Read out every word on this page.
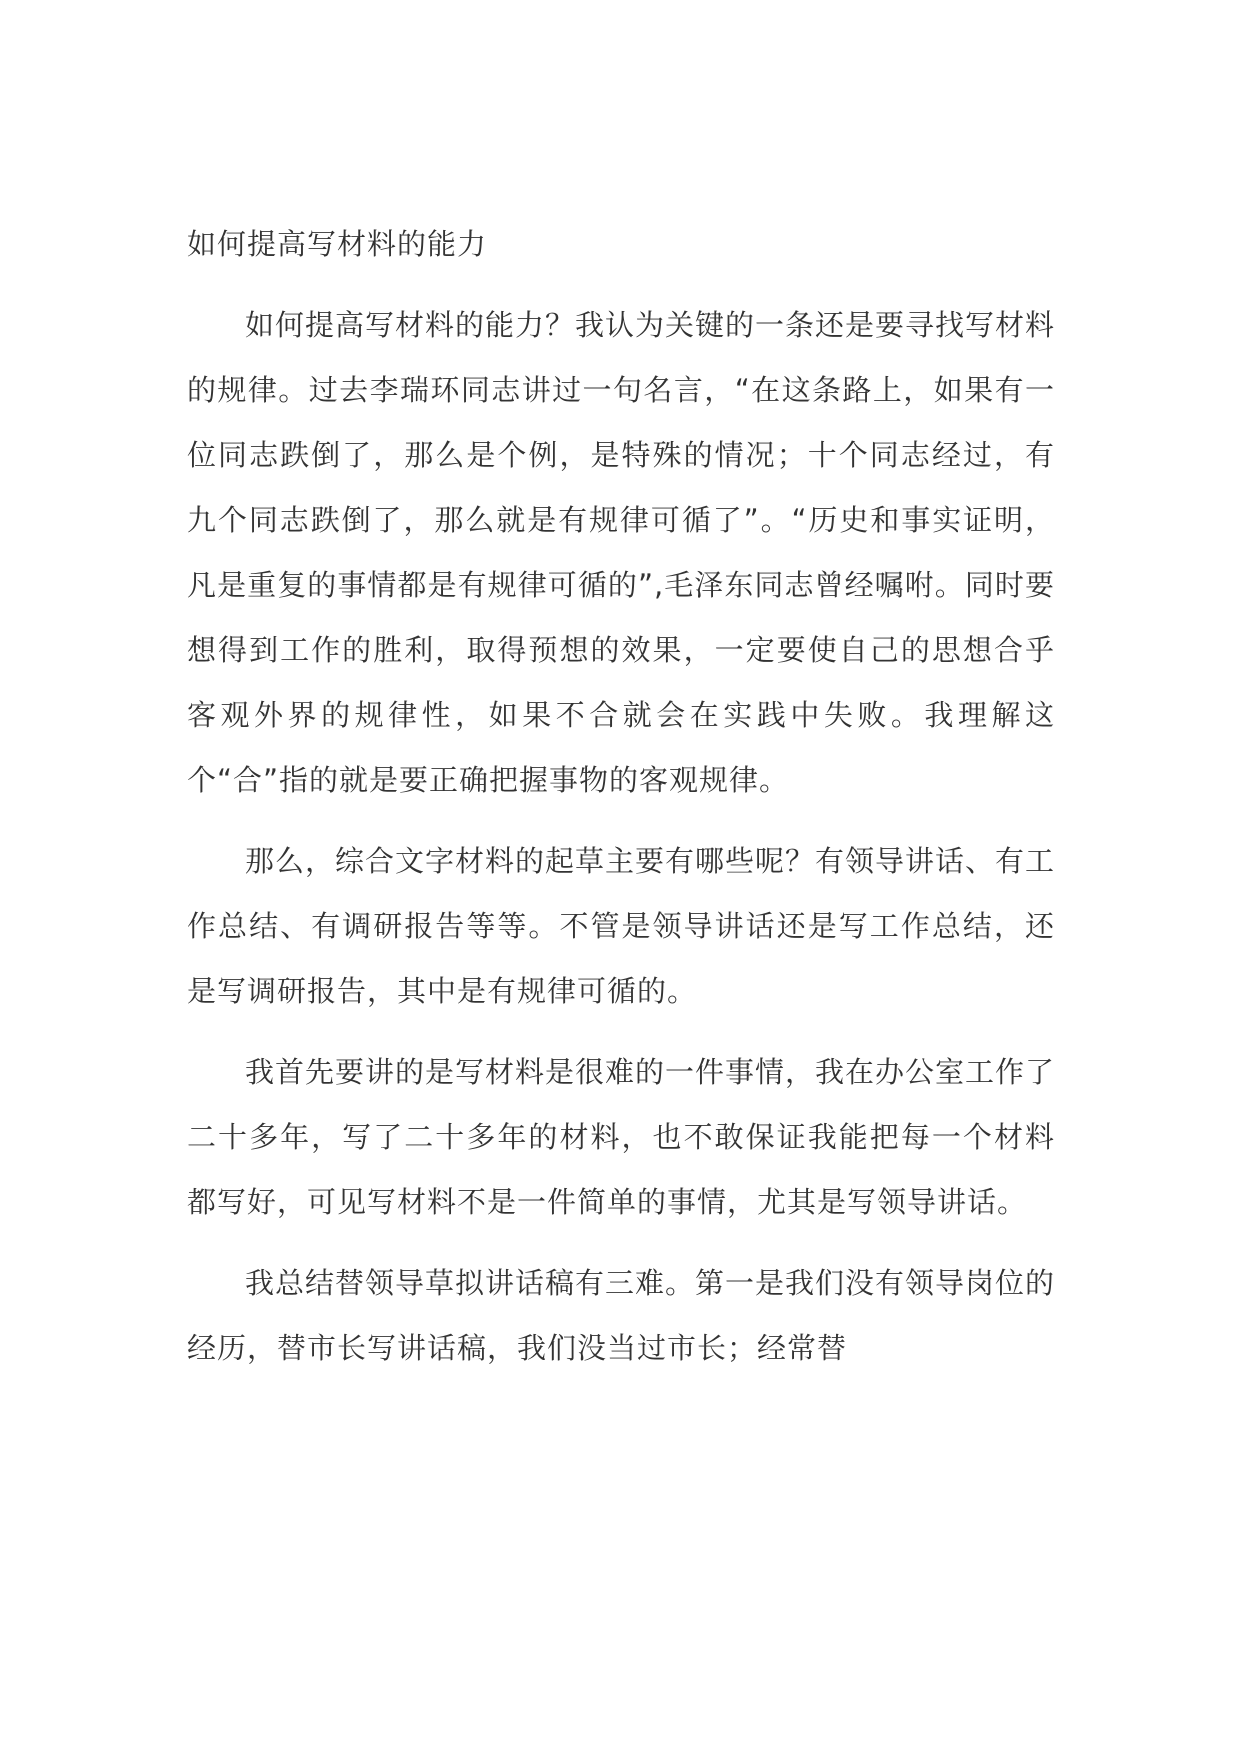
如何提高写材料的能力

如何提高写材料的能力？我认为关键的一条还是要寻找写材料的规律。过去李瑞环同志讲过一句名言，“在这条路上，如果有一位同志跌倒了，那么是个例，是特殊的情况；十个同志经过，有九个同志跌倒了，那么就是有规律可循了”。“历史和事实证明，凡是重复的事情都是有规律可循的”,毛泽东同志曾经嘱咐。同时要想得到工作的胜利，取得预想的效果，一定要使自己的思想合乎客观外界的规律性，如果不合就会在实践中失败。我理解这个“合”指的就是要正确把握事物的客观规律。

那么，综合文字材料的起草主要有哪些呢？有领导讲话、有工作总结、有调研报告等等。不管是领导讲话还是写工作总结，还是写调研报告，其中是有规律可循的。

我首先要讲的是写材料是很难的一件事情，我在办公室工作了二十多年，写了二十多年的材料，也不敢保证我能把每一个材料都写好，可见写材料不是一件简单的事情，尤其是写领导讲话。

我总结替领导草拟讲话稿有三难。第一是我们没有领导岗位的经历，替市长写讲话稿，我们没当过市长；经常替
